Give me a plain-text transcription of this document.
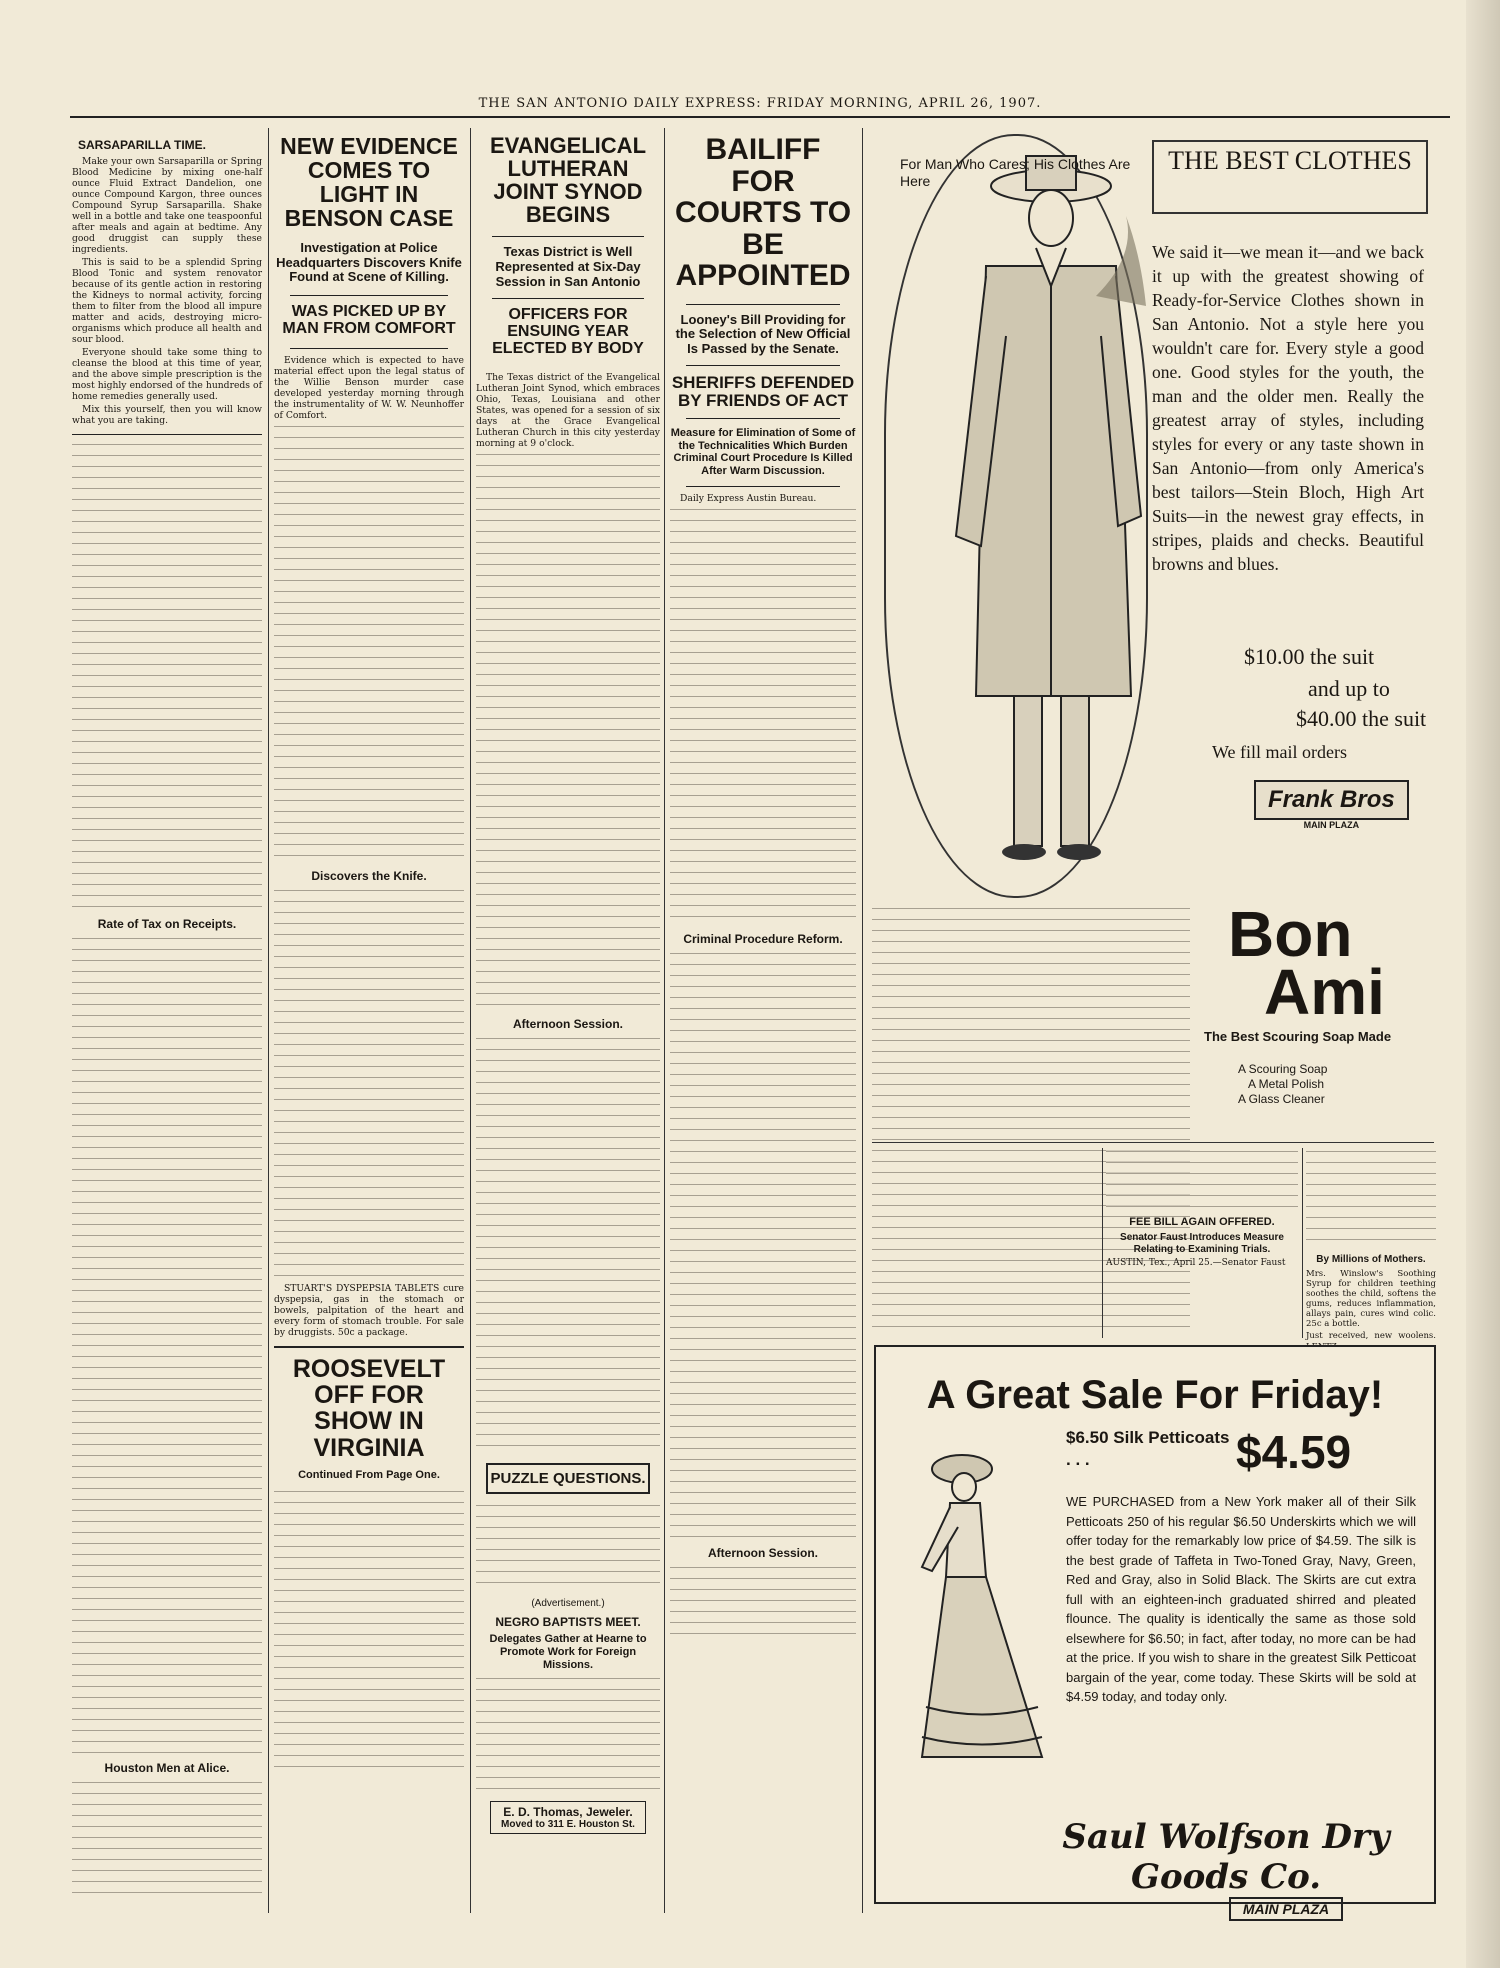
THE SAN ANTONIO DAILY EXPRESS: FRIDAY MORNING, APRIL 26, 1907.
SARSAPARILLA TIME.

Make your own Sarsaparilla or Spring Blood Medicine by mixing one-half ounce Fluid Extract Dandelion, one ounce Compound Kargon, three ounces Compound Syrup Sarsaparilla. Shake well in a bottle and take one teaspoonful after meals and again at bedtime. Any good druggist can supply these ingredients.

This is said to be a splendid Spring Blood Tonic and system renovator because of its gentle action in restoring the Kidneys to normal activity, forcing them to filter from the blood all impure matter and acids, destroying micro-organisms which produce all health and sour blood.

Everyone should take some thing to cleanse the blood at this time of year, and the above simple prescription is the most highly endorsed of the hundreds of home remedies generally used.

Mix this yourself, then you will know what you are taking.

Rate of Tax on Receipts.
Houston Men at Alice.
NEW EVIDENCE COMES TO LIGHT IN BENSON CASE
Investigation at Police Headquarters Discovers Knife Found at Scene of Killing.
WAS PICKED UP BY MAN FROM COMFORT

Evidence which is expected to have material effect upon the legal status of the Willie Benson murder case developed yesterday morning through the instrumentality of W. W. Neunhoffer of Comfort.

Discovers the Knife.

STUART'S DYSPEPSIA TABLETS cure dyspepsia, gas in the stomach or bowels, palpitation of the heart and every form of stomach trouble. For sale by druggists. 50c a package.

ROOSEVELT OFF FOR SHOW IN VIRGINIA
Continued From Page One.
EVANGELICAL LUTHERAN JOINT SYNOD BEGINS
Texas District is Well Represented at Six-Day Session in San Antonio
OFFICERS FOR ENSUING YEAR ELECTED BY BODY

The Texas district of the Evangelical Lutheran Joint Synod, which embraces Ohio, Texas, Louisiana and other States, was opened for a session of six days at the Grace Evangelical Lutheran Church in this city yesterday morning at 9 o'clock.

Afternoon Session.
PUZZLE QUESTIONS.
(Advertisement.)
NEGRO BAPTISTS MEET.
Delegates Gather at Hearne to Promote Work for Foreign Missions.
E. D. Thomas, Jeweler.
Moved to 311 E. Houston St.
BAILIFF FOR COURTS TO BE APPOINTED
Looney's Bill Providing for the Selection of New Official Is Passed by the Senate.
SHERIFFS DEFENDED BY FRIENDS OF ACT
Measure for Elimination of Some of the Technicalities Which Burden Criminal Court Procedure Is Killed After Warm Discussion.

Daily Express Austin Bureau.

Criminal Procedure Reform.
Afternoon Session.
For Man Who Cares; His Clothes Are Here
THE BEST CLOTHES
We said it—we mean it—and we back it up with the greatest showing of Ready-for-Service Clothes shown in San Antonio. Not a style here you wouldn't care for. Every style a good one. Good styles for the youth, the man and the older men. Really the greatest array of styles, including styles for every or any taste shown in San Antonio—from only America's best tailors—Stein Bloch, High Art Suits—in the newest gray effects, in stripes, plaids and checks. Beautiful browns and blues.
$10.00 the suit
and up to
$40.00 the suit
We fill mail orders
Frank Bros
MAIN PLAZA
Bon
Ami
The Best Scouring Soap Made
A Scouring Soap
A Metal Polish
A Glass Cleaner
FEE BILL AGAIN OFFERED.
Senator Faust Introduces Measure Relating to Examining Trials.
AUSTIN, Tex., April 25.—Senator Faust	By Millions of Mothers.
Mrs. Winslow's Soothing Syrup for children teething soothes the child, softens the gums, reduces inflammation, allays pain, cures wind colic. 25c a bottle.
Just received, new woolens.
A Great Sale For Friday!
$6.50 Silk Petticoats . . .	$4.59
WE PURCHASED from a New York maker all of their Silk Petticoats 250 of his regular $6.50 Underskirts which we will offer today for the remarkably low price of $4.59. The silk is the best grade of Taffeta in Two-Toned Gray, Navy, Green, Red and Gray, also in Solid Black. The Skirts are cut extra full with an eighteen-inch graduated shirred and pleated flounce. The quality is identically the same as those sold elsewhere for $6.50; in fact, after today, no more can be had at the price. If you wish to share in the greatest Silk Petticoat bargain of the year, come today. These Skirts will be sold at $4.59 today, and today only.
Saul Wolfson Dry Goods Co.
MAIN PLAZA
